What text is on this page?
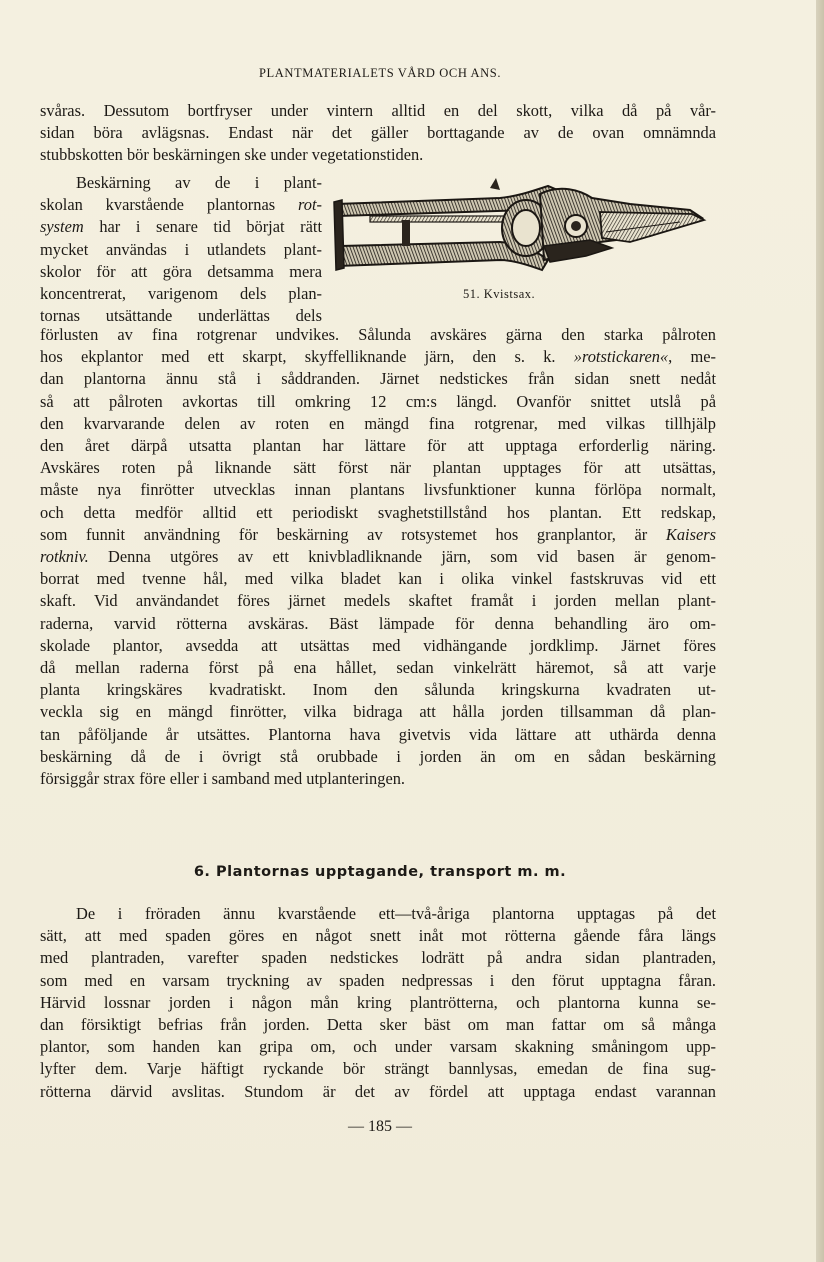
PLANTMATERIALETS VÅRD OCH ANS.
svåras. Dessutom bortfryser under vintern alltid en del skott, vilka då på vår-
sidan böra avlägsnas. Endast när det gäller borttagande av de ovan omnämnda
stubbskotten bör beskärningen ske under vegetationstiden.
Beskärning av de i plant-
skolan kvarstående plantornas rot-
system har i senare tid börjat rätt
mycket användas i utlandets plant-
skolor för att göra detsamma mera
koncentrerat, varigenom dels plan-
tornas utsättande underlättas dels
51. Kvistsax.
förlusten av fina rotgrenar undvikes. Sålunda avskäres gärna den starka pålroten
hos ekplantor med ett skarpt, skyffelliknande järn, den s. k. »rotstickaren«, me-
dan plantorna ännu stå i såddranden. Järnet nedstickes från sidan snett nedåt
så att pålroten avkortas till omkring 12 cm:s längd. Ovanför snittet utslå på
den kvarvarande delen av roten en mängd fina rotgrenar, med vilkas tillhjälp
den året därpå utsatta plantan har lättare för att upptaga erforderlig näring.
Avskäres roten på liknande sätt först när plantan upptages för att utsättas,
måste nya finrötter utvecklas innan plantans livsfunktioner kunna förlöpa normalt,
och detta medför alltid ett periodiskt svaghetstillstånd hos plantan. Ett redskap,
som funnit användning för beskärning av rotsystemet hos granplantor, är Kaisers
rotkniv. Denna utgöres av ett knivbladliknande järn, som vid basen är genom-
borrat med tvenne hål, med vilka bladet kan i olika vinkel fastskruvas vid ett
skaft. Vid användandet föres järnet medels skaftet framåt i jorden mellan plant-
raderna, varvid rötterna avskäras. Bäst lämpade för denna behandling äro om-
skolade plantor, avsedda att utsättas med vidhängande jordklimp. Järnet föres
då mellan raderna först på ena hållet, sedan vinkelrätt häremot, så att varje
planta kringskäres kvadratiskt. Inom den sålunda kringskurna kvadraten ut-
veckla sig en mängd finrötter, vilka bidraga att hålla jorden tillsamman då plan-
tan påföljande år utsättes. Plantorna hava givetvis vida lättare att uthärda denna
beskärning då de i övrigt stå orubbade i jorden än om en sådan beskärning
försiggår strax före eller i samband med utplanteringen.
6. Plantornas upptagande, transport m. m.
De i fröraden ännu kvarstående ett—två-åriga plantorna upptagas på det
sätt, att med spaden göres en något snett inåt mot rötterna gående fåra längs
med plantraden, varefter spaden nedstickes lodrätt på andra sidan plantraden,
som med en varsam tryckning av spaden nedpressas i den förut upptagna fåran.
Härvid lossnar jorden i någon mån kring plantrötterna, och plantorna kunna se-
dan försiktigt befrias från jorden. Detta sker bäst om man fattar om så många
plantor, som handen kan gripa om, och under varsam skakning småningom upp-
lyfter dem. Varje häftigt ryckande bör strängt bannlysas, emedan de fina sug-
rötterna därvid avslitas. Stundom är det av fördel att upptaga endast varannan
— 185 —
